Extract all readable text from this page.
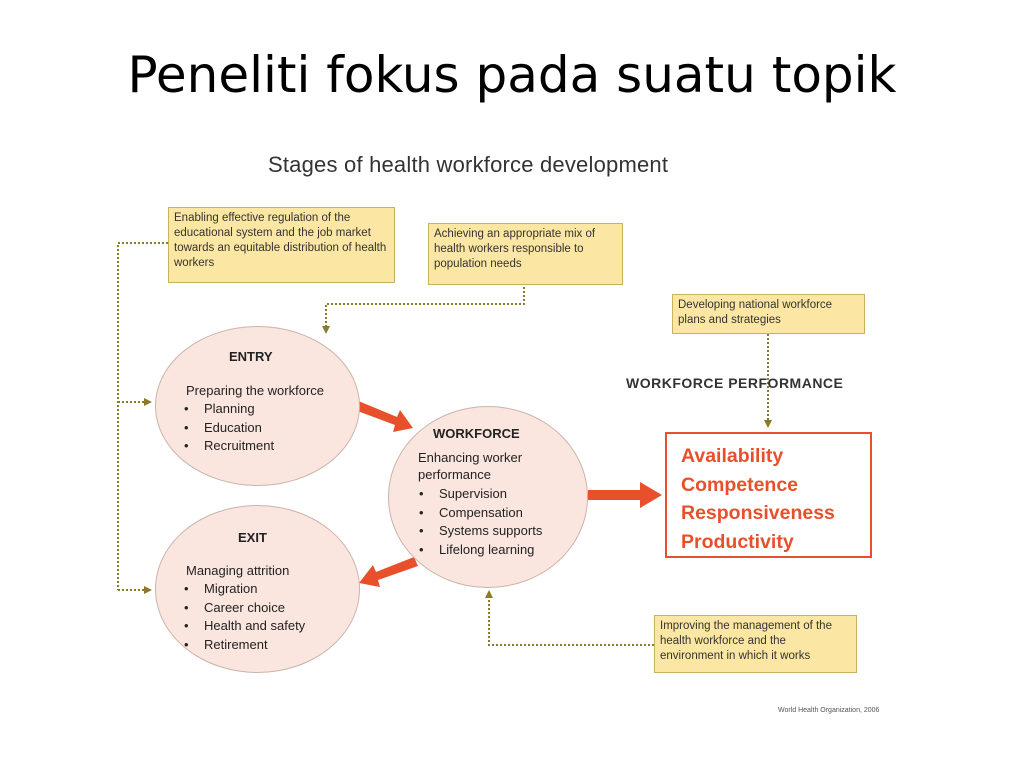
Peneliti fokus pada suatu topik
Stages of health workforce development
Enabling effective regulation of the educational system and the job market towards an equitable distribution of health workers
Achieving an appropriate mix of health workers responsible to population needs
Developing national workforce plans and strategies
Improving the management of the health workforce and the environment in which it works
ENTRY
Preparing the workforce
• Planning
• Education
• Recruitment
WORKFORCE
Enhancing worker performance
• Supervision
• Compensation
• Systems supports
• Lifelong learning
EXIT
Managing attrition
• Migration
• Career choice
• Health and safety
• Retirement
WORKFORCE PERFORMANCE
Availability
Competence
Responsiveness
Productivity
World Health Organization, 2006
